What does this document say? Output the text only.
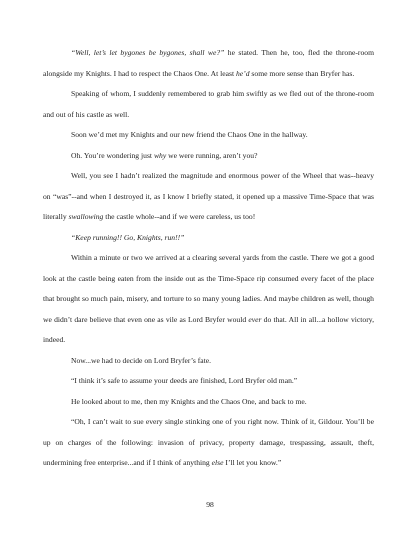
“Well, let’s let bygones be bygones, shall we?” he stated. Then he, too, fled the throne-room alongside my Knights. I had to respect the Chaos One. At least he’d some more sense than Bryfer has.

Speaking of whom, I suddenly remembered to grab him swiftly as we fled out of the throne-room and out of his castle as well.

Soon we’d met my Knights and our new friend the Chaos One in the hallway.

Oh. You’re wondering just why we were running, aren’t you?

Well, you see I hadn’t realized the magnitude and enormous power of the Wheel that was--heavy on “was”--and when I destroyed it, as I know I briefly stated, it opened up a massive Time-Space that was literally swallowing the castle whole--and if we were careless, us too!

“Keep running!! Go, Knights, run!!”

Within a minute or two we arrived at a clearing several yards from the castle. There we got a good look at the castle being eaten from the inside out as the Time-Space rip consumed every facet of the place that brought so much pain, misery, and torture to so many young ladies. And maybe children as well, though we didn’t dare believe that even one as vile as Lord Bryfer would ever do that. All in all...a hollow victory, indeed.

Now...we had to decide on Lord Bryfer’s fate.

“I think it’s safe to assume your deeds are finished, Lord Bryfer old man.”

He looked about to me, then my Knights and the Chaos One, and back to me.

“Oh, I can’t wait to sue every single stinking one of you right now. Think of it, Gildour. You’ll be up on charges of the following: invasion of privacy, property damage, trespassing, assault, theft, undermining free enterprise...and if I think of anything else I’ll let you know.”

98
